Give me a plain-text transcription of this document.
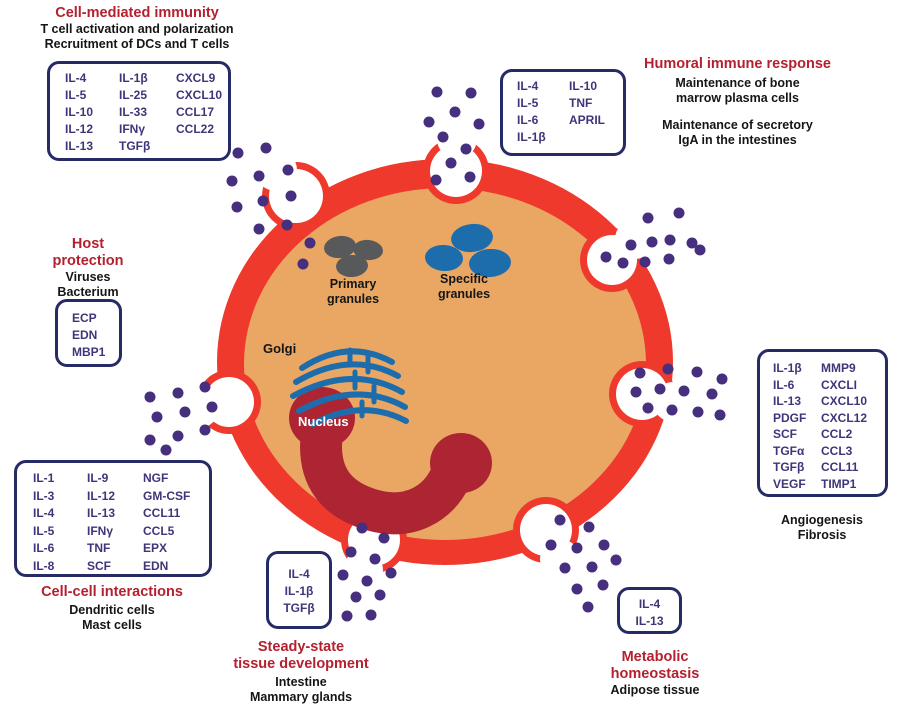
Primary granules
Specific granules
Golgi
Nucleus
Cell-mediated immunity
T cell activation and polarization
Recruitment of DCs and T cells
IL-4
IL-5
IL-10
IL-12
IL-13
IL-1β
IL-25
IL-33
IFNγ
TGFβ
CXCL9
CXCL10
CCL17
CCL22
IL-4
IL-5
IL-6
IL-1β
IL-10
TNF
APRIL
Humoral immune response
Maintenance of bone
marrow plasma cells
Maintenance of secretory
IgA in the intestines
Host protection
Viruses
Bacterium
ECP
EDN
MBP1
IL-1
IL-3
IL-4
IL-5
IL-6
IL-8
IL-9
IL-12
IL-13
IFNγ
TNF
SCF
NGF
GM-CSF
CCL11
CCL5
EPX
EDN
Cell-cell interactions
Dendritic cells
Mast cells
IL-1β
IL-6
IL-13
PDGF
SCF
TGFα
TGFβ
VEGF
MMP9
CXCLI
CXCL10
CXCL12
CCL2
CCL3
CCL11
TIMP1
Angiogenesis
Fibrosis
IL-4
IL-1β
TGFβ
Steady-state
tissue development
Intestine
Mammary glands
IL-4
IL-13
Metabolic
homeostasis
Adipose tissue
